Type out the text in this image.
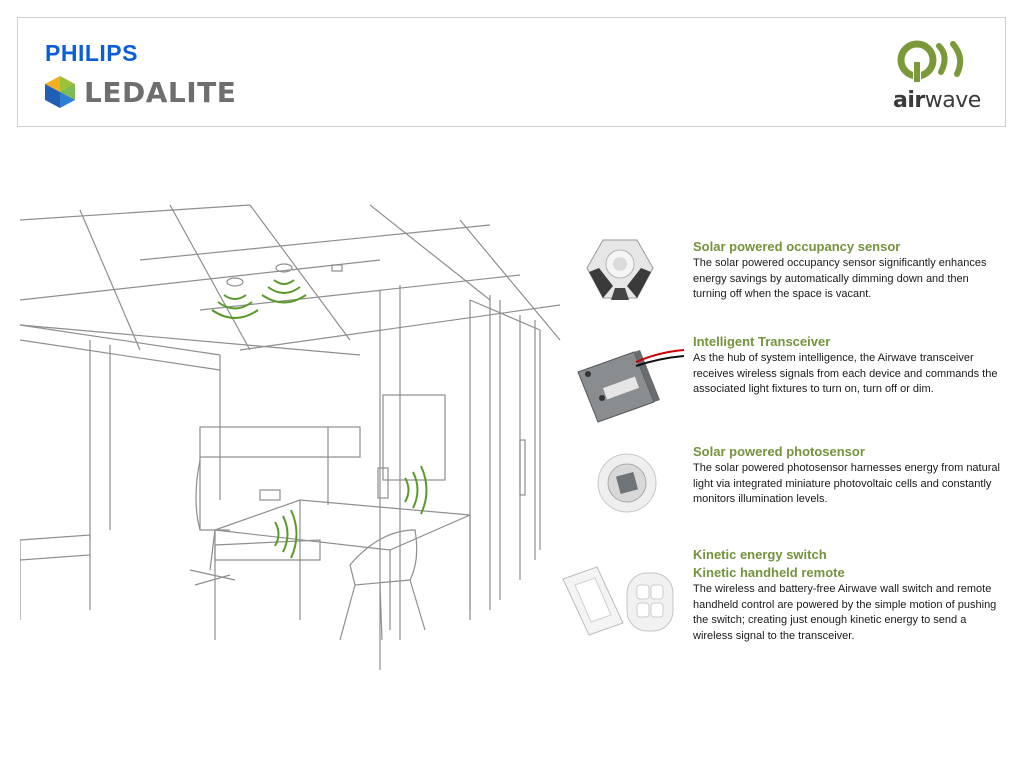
PHILIPS
LEDALITE	airwave
Solar powered occupancy sensor

The solar powered occupancy sensor significantly enhances energy savings by automatically dimming down and then turning off when the space is vacant.

Intelligent Transceiver

As the hub of system intelligence, the Airwave transceiver receives wireless signals from each device and commands the associated light fixtures to turn on, turn off or dim.

Solar powered photosensor

The solar powered photosensor harnesses energy from natural light via integrated miniature photovoltaic cells and constantly monitors illumination levels.

Kinetic energy switch
Kinetic handheld remote

The wireless and battery-free Airwave wall switch and remote handheld control are powered by the simple motion of pushing the switch; creating just enough kinetic energy to send a wireless signal to the transceiver.
